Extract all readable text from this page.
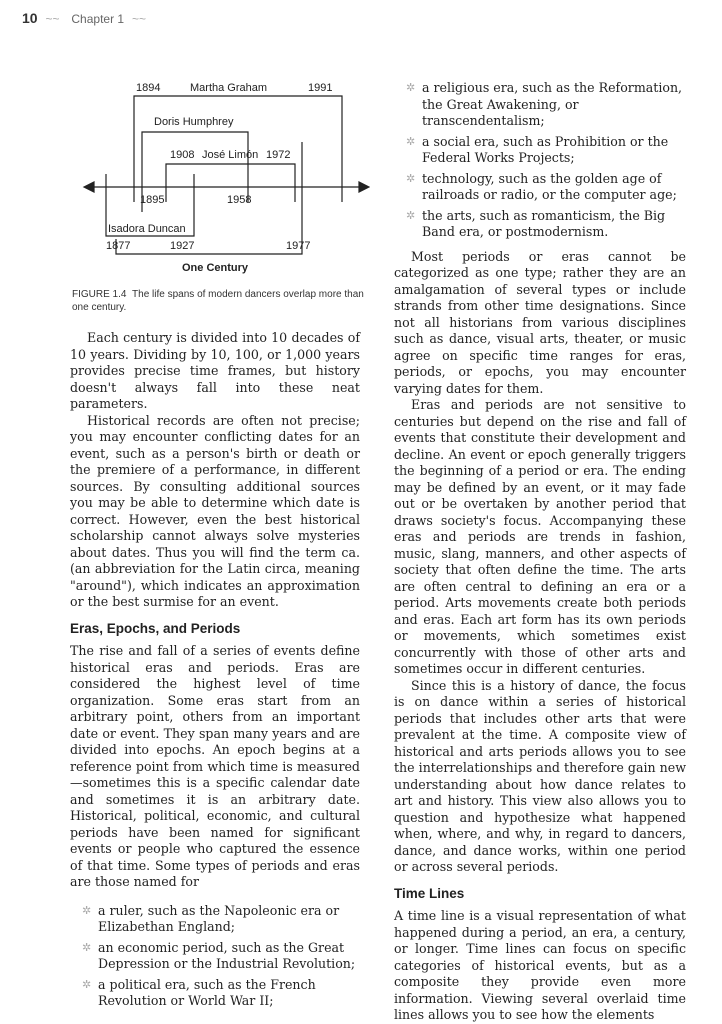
10 ~~ Chapter 1 ~~
1894	Martha Graham	1991
Doris Humphrey
1908 José Limón 1972
1895	1958
Isadora Duncan
1877	1927	1977
One Century
FIGURE 1.4 The life spans of modern dancers overlap more than one century.

Each century is divided into 10 decades of 10 years. Dividing by 10, 100, or 1,000 years provides precise time frames, but history doesn't always fall into these neat parameters.

Historical records are often not precise; you may encounter conflicting dates for an event, such as a person's birth or death or the premiere of a performance, in different sources. By consulting additional sources you may be able to determine which date is correct. However, even the best historical scholarship cannot always solve mysteries about dates. Thus you will find the term ca. (an abbreviation for the Latin circa, meaning "around"), which indicates an approximation or the best surmise for an event.

Eras, Epochs, and Periods

The rise and fall of a series of events define historical eras and periods. Eras are considered the highest level of time organization. Some eras start from an arbitrary point, others from an important date or event. They span many years and are divided into epochs. An epoch begins at a reference point from which time is measured—sometimes this is a specific calendar date and sometimes it is an arbitrary date. Historical, political, economic, and cultural periods have been named for significant events or people who captured the essence of that time. Some types of periods and eras are those named for

✲ a ruler, such as the Napoleonic era or Elizabethan England;
✲ an economic period, such as the Great Depression or the Industrial Revolution;
✲ a political era, such as the French Revolution or World War II;
✲ a religious era, such as the Reformation, the Great Awakening, or transcendentalism;
✲ a social era, such as Prohibition or the Federal Works Projects;
✲ technology, such as the golden age of railroads or radio, or the computer age;
✲ the arts, such as romanticism, the Big Band era, or postmodernism.

Most periods or eras cannot be categorized as one type; rather they are an amalgamation of several types or include strands from other time designations. Since not all historians from various disciplines such as dance, visual arts, theater, or music agree on specific time ranges for eras, periods, or epochs, you may encounter varying dates for them.

Eras and periods are not sensitive to centuries but depend on the rise and fall of events that constitute their development and decline. An event or epoch generally triggers the beginning of a period or era. The ending may be defined by an event, or it may fade out or be overtaken by another period that draws society's focus. Accompanying these eras and periods are trends in fashion, music, slang, manners, and other aspects of society that often define the time. The arts are often central to defining an era or a period. Arts movements create both periods and eras. Each art form has its own periods or movements, which sometimes exist concurrently with those of other arts and sometimes occur in different centuries.

Since this is a history of dance, the focus is on dance within a series of historical periods that includes other arts that were prevalent at the time. A composite view of historical and arts periods allows you to see the interrelationships and therefore gain new understanding about how dance relates to art and history. This view also allows you to question and hypothesize what happened when, where, and why, in regard to dancers, dance, and dance works, within one period or across several periods.

Time Lines

A time line is a visual representation of what happened during a period, an era, a century, or longer. Time lines can focus on specific categories of historical events, but as a composite they provide even more information. Viewing several overlaid time lines allows you to see how the elements
